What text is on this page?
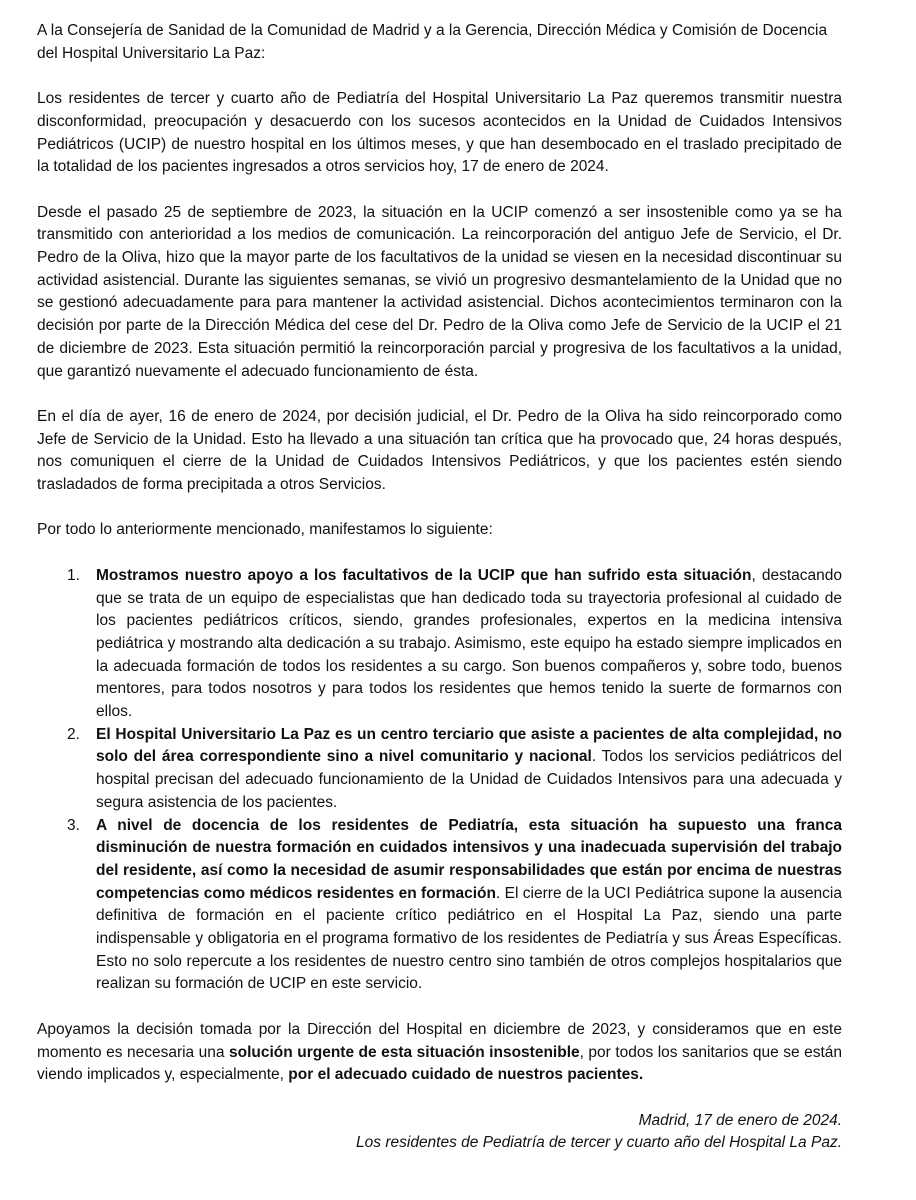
A la Consejería de Sanidad de la Comunidad de Madrid y a la Gerencia, Dirección Médica y Comisión de Docencia
del Hospital Universitario La Paz:

Los residentes de tercer y cuarto año de Pediatría del Hospital Universitario La Paz queremos transmitir nuestra disconformidad, preocupación y desacuerdo con los sucesos acontecidos en la Unidad de Cuidados Intensivos Pediátricos (UCIP) de nuestro hospital en los últimos meses, y que han desembocado en el traslado precipitado de la totalidad de los pacientes ingresados a otros servicios hoy, 17 de enero de 2024.

Desde el pasado 25 de septiembre de 2023, la situación en la UCIP comenzó a ser insostenible como ya se ha transmitido con anterioridad a los medios de comunicación. La reincorporación del antiguo Jefe de Servicio, el Dr. Pedro de la Oliva, hizo que la mayor parte de los facultativos de la unidad se viesen en la necesidad discontinuar su actividad asistencial. Durante las siguientes semanas, se vivió un progresivo desmantelamiento de la Unidad que no se gestionó adecuadamente para para mantener la actividad asistencial. Dichos acontecimientos terminaron con la decisión por parte de la Dirección Médica del cese del Dr. Pedro de la Oliva como Jefe de Servicio de la UCIP el 21 de diciembre de 2023. Esta situación permitió la reincorporación parcial y progresiva de los facultativos a la unidad, que garantizó nuevamente el adecuado funcionamiento de ésta.

En el día de ayer, 16 de enero de 2024, por decisión judicial, el Dr. Pedro de la Oliva ha sido reincorporado como Jefe de Servicio de la Unidad. Esto ha llevado a una situación tan crítica que ha provocado que, 24 horas después, nos comuniquen el cierre de la Unidad de Cuidados Intensivos Pediátricos, y que los pacientes estén siendo trasladados de forma precipitada a otros Servicios.

Por todo lo anteriormente mencionado, manifestamos lo siguiente:

1. Mostramos nuestro apoyo a los facultativos de la UCIP que han sufrido esta situación, destacando que se trata de un equipo de especialistas que han dedicado toda su trayectoria profesional al cuidado de los pacientes pediátricos críticos, siendo, grandes profesionales, expertos en la medicina intensiva pediátrica y mostrando alta dedicación a su trabajo. Asimismo, este equipo ha estado siempre implicados en la adecuada formación de todos los residentes a su cargo. Son buenos compañeros y, sobre todo, buenos mentores, para todos nosotros y para todos los residentes que hemos tenido la suerte de formarnos con ellos.
2. El Hospital Universitario La Paz es un centro terciario que asiste a pacientes de alta complejidad, no solo del área correspondiente sino a nivel comunitario y nacional. Todos los servicios pediátricos del hospital precisan del adecuado funcionamiento de la Unidad de Cuidados Intensivos para una adecuada y segura asistencia de los pacientes.
3. A nivel de docencia de los residentes de Pediatría, esta situación ha supuesto una franca disminución de nuestra formación en cuidados intensivos y una inadecuada supervisión del trabajo del residente, así como la necesidad de asumir responsabilidades que están por encima de nuestras competencias como médicos residentes en formación. El cierre de la UCI Pediátrica supone la ausencia definitiva de formación en el paciente crítico pediátrico en el Hospital La Paz, siendo una parte indispensable y obligatoria en el programa formativo de los residentes de Pediatría y sus Áreas Específicas. Esto no solo repercute a los residentes de nuestro centro sino también de otros complejos hospitalarios que realizan su formación de UCIP en este servicio.

Apoyamos la decisión tomada por la Dirección del Hospital en diciembre de 2023, y consideramos que en este momento es necesaria una solución urgente de esta situación insostenible, por todos los sanitarios que se están viendo implicados y, especialmente, por el adecuado cuidado de nuestros pacientes.

Madrid, 17 de enero de 2024.
Los residentes de Pediatría de tercer y cuarto año del Hospital La Paz.
